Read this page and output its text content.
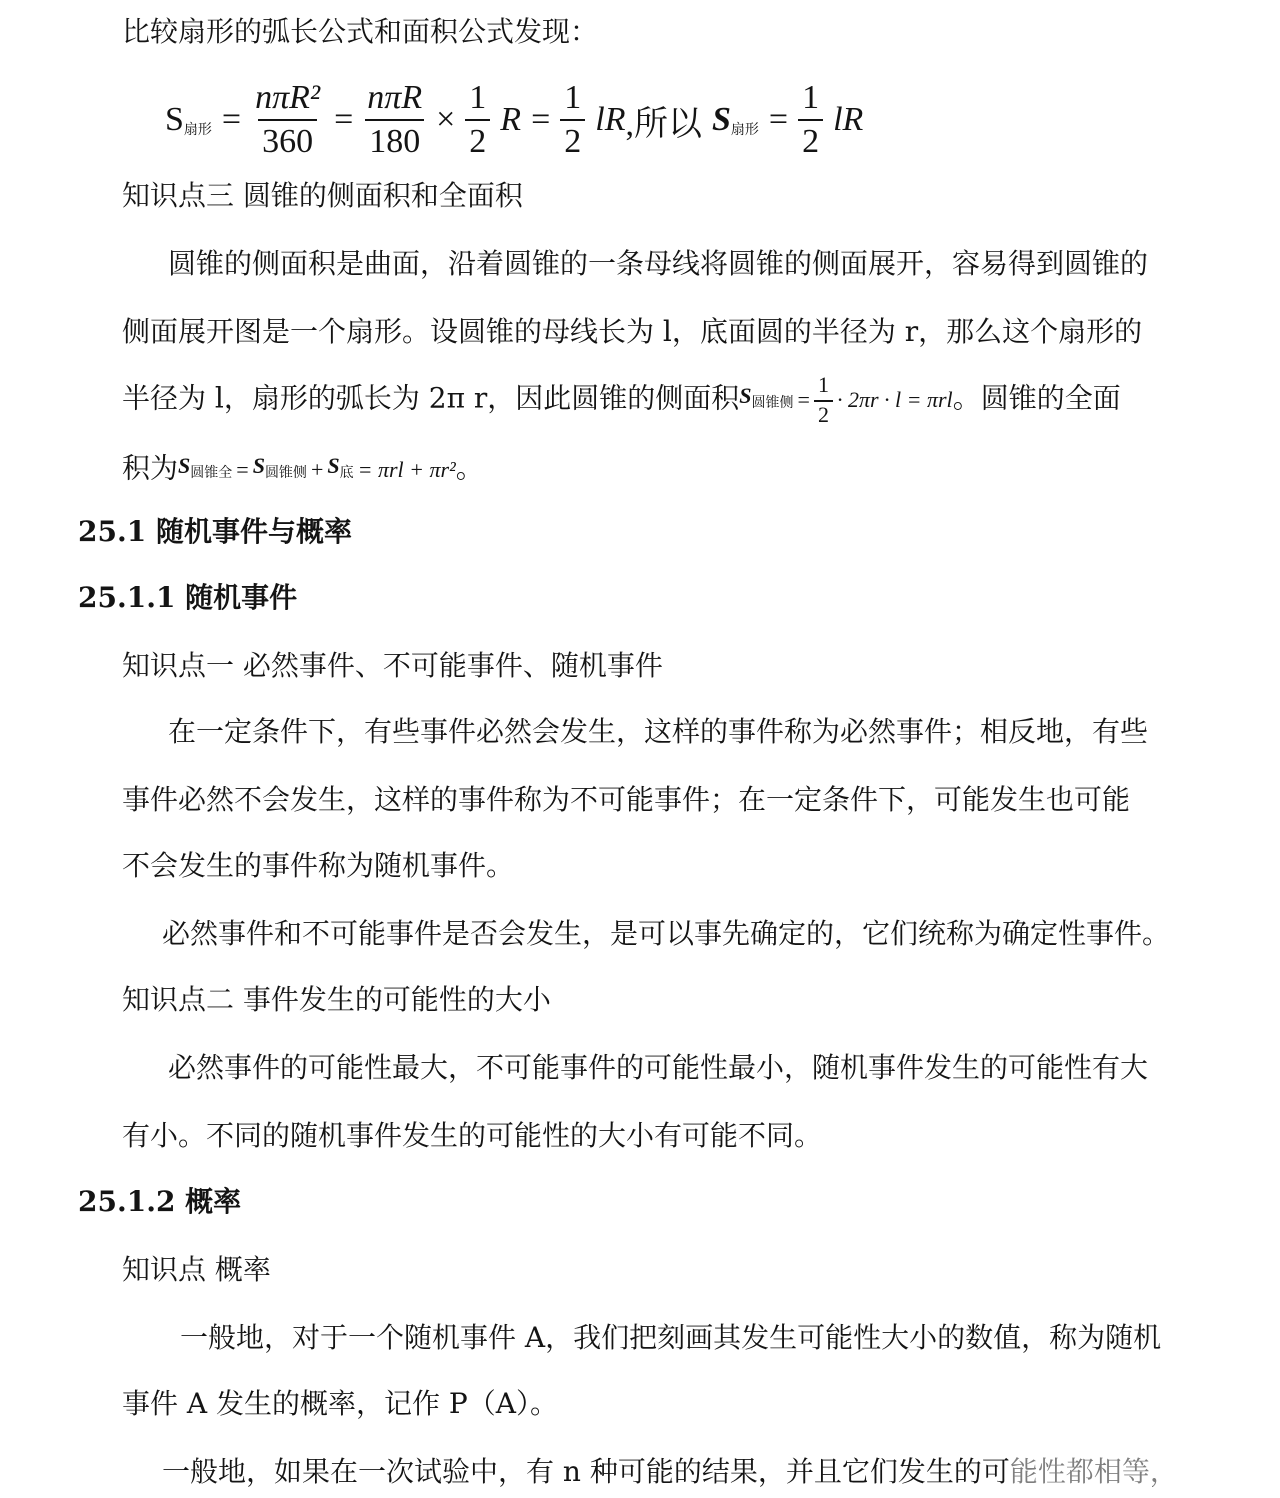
比较扇形的弧长公式和面积公式发现：
$S_{扇形} = \frac{\text{nπR²}}{360} = \frac{\text{nπR}}{180} \times \frac{1}{2}$ $R = \frac{1}{2}$ lR ,所以 $S_{扇形} = \frac{1}{2}$ lR
知识点三 圆锥的侧面积和全面积
圆锥的侧面积是曲面，沿着圆锥的一条母线将圆锥的侧面展开，容易得到圆锥的
侧面展开图是一个扇形。设圆锥的母线长为 l，底面圆的半径为 r，那么这个扇形的
半径为 l，扇形的弧长为 2π r，因此圆锥的侧面积 $S_{圆锥侧} = \frac{1}{2} \cdot 2\pi r \cdot l = \pi rl$ 。圆锥的全面
积为 $S_{圆锥全} = S_{圆锥侧} + S_底 = \pi rl + \pi r^2$ 。
25.1 随机事件与概率
25.1.1 随机事件
知识点一 必然事件、不可能事件、随机事件
在一定条件下，有些事件必然会发生，这样的事件称为必然事件；相反地，有些
事件必然不会发生，这样的事件称为不可能事件；在一定条件下，可能发生也可能
不会发生的事件称为随机事件。
必然事件和不可能事件是否会发生，是可以事先确定的，它们统称为确定性事件。
知识点二 事件发生的可能性的大小
必然事件的可能性最大，不可能事件的可能性最小，随机事件发生的可能性有大
有小。不同的随机事件发生的可能性的大小有可能不同。
25.1.2 概率
知识点 概率
一般地，对于一个随机事件 A，我们把刻画其发生可能性大小的数值，称为随机
事件 A 发生的概率，记作 P（A）。
一般地，如果在一次试验中，有 n 种可能的结果，并且它们发生的可能性都相等，
